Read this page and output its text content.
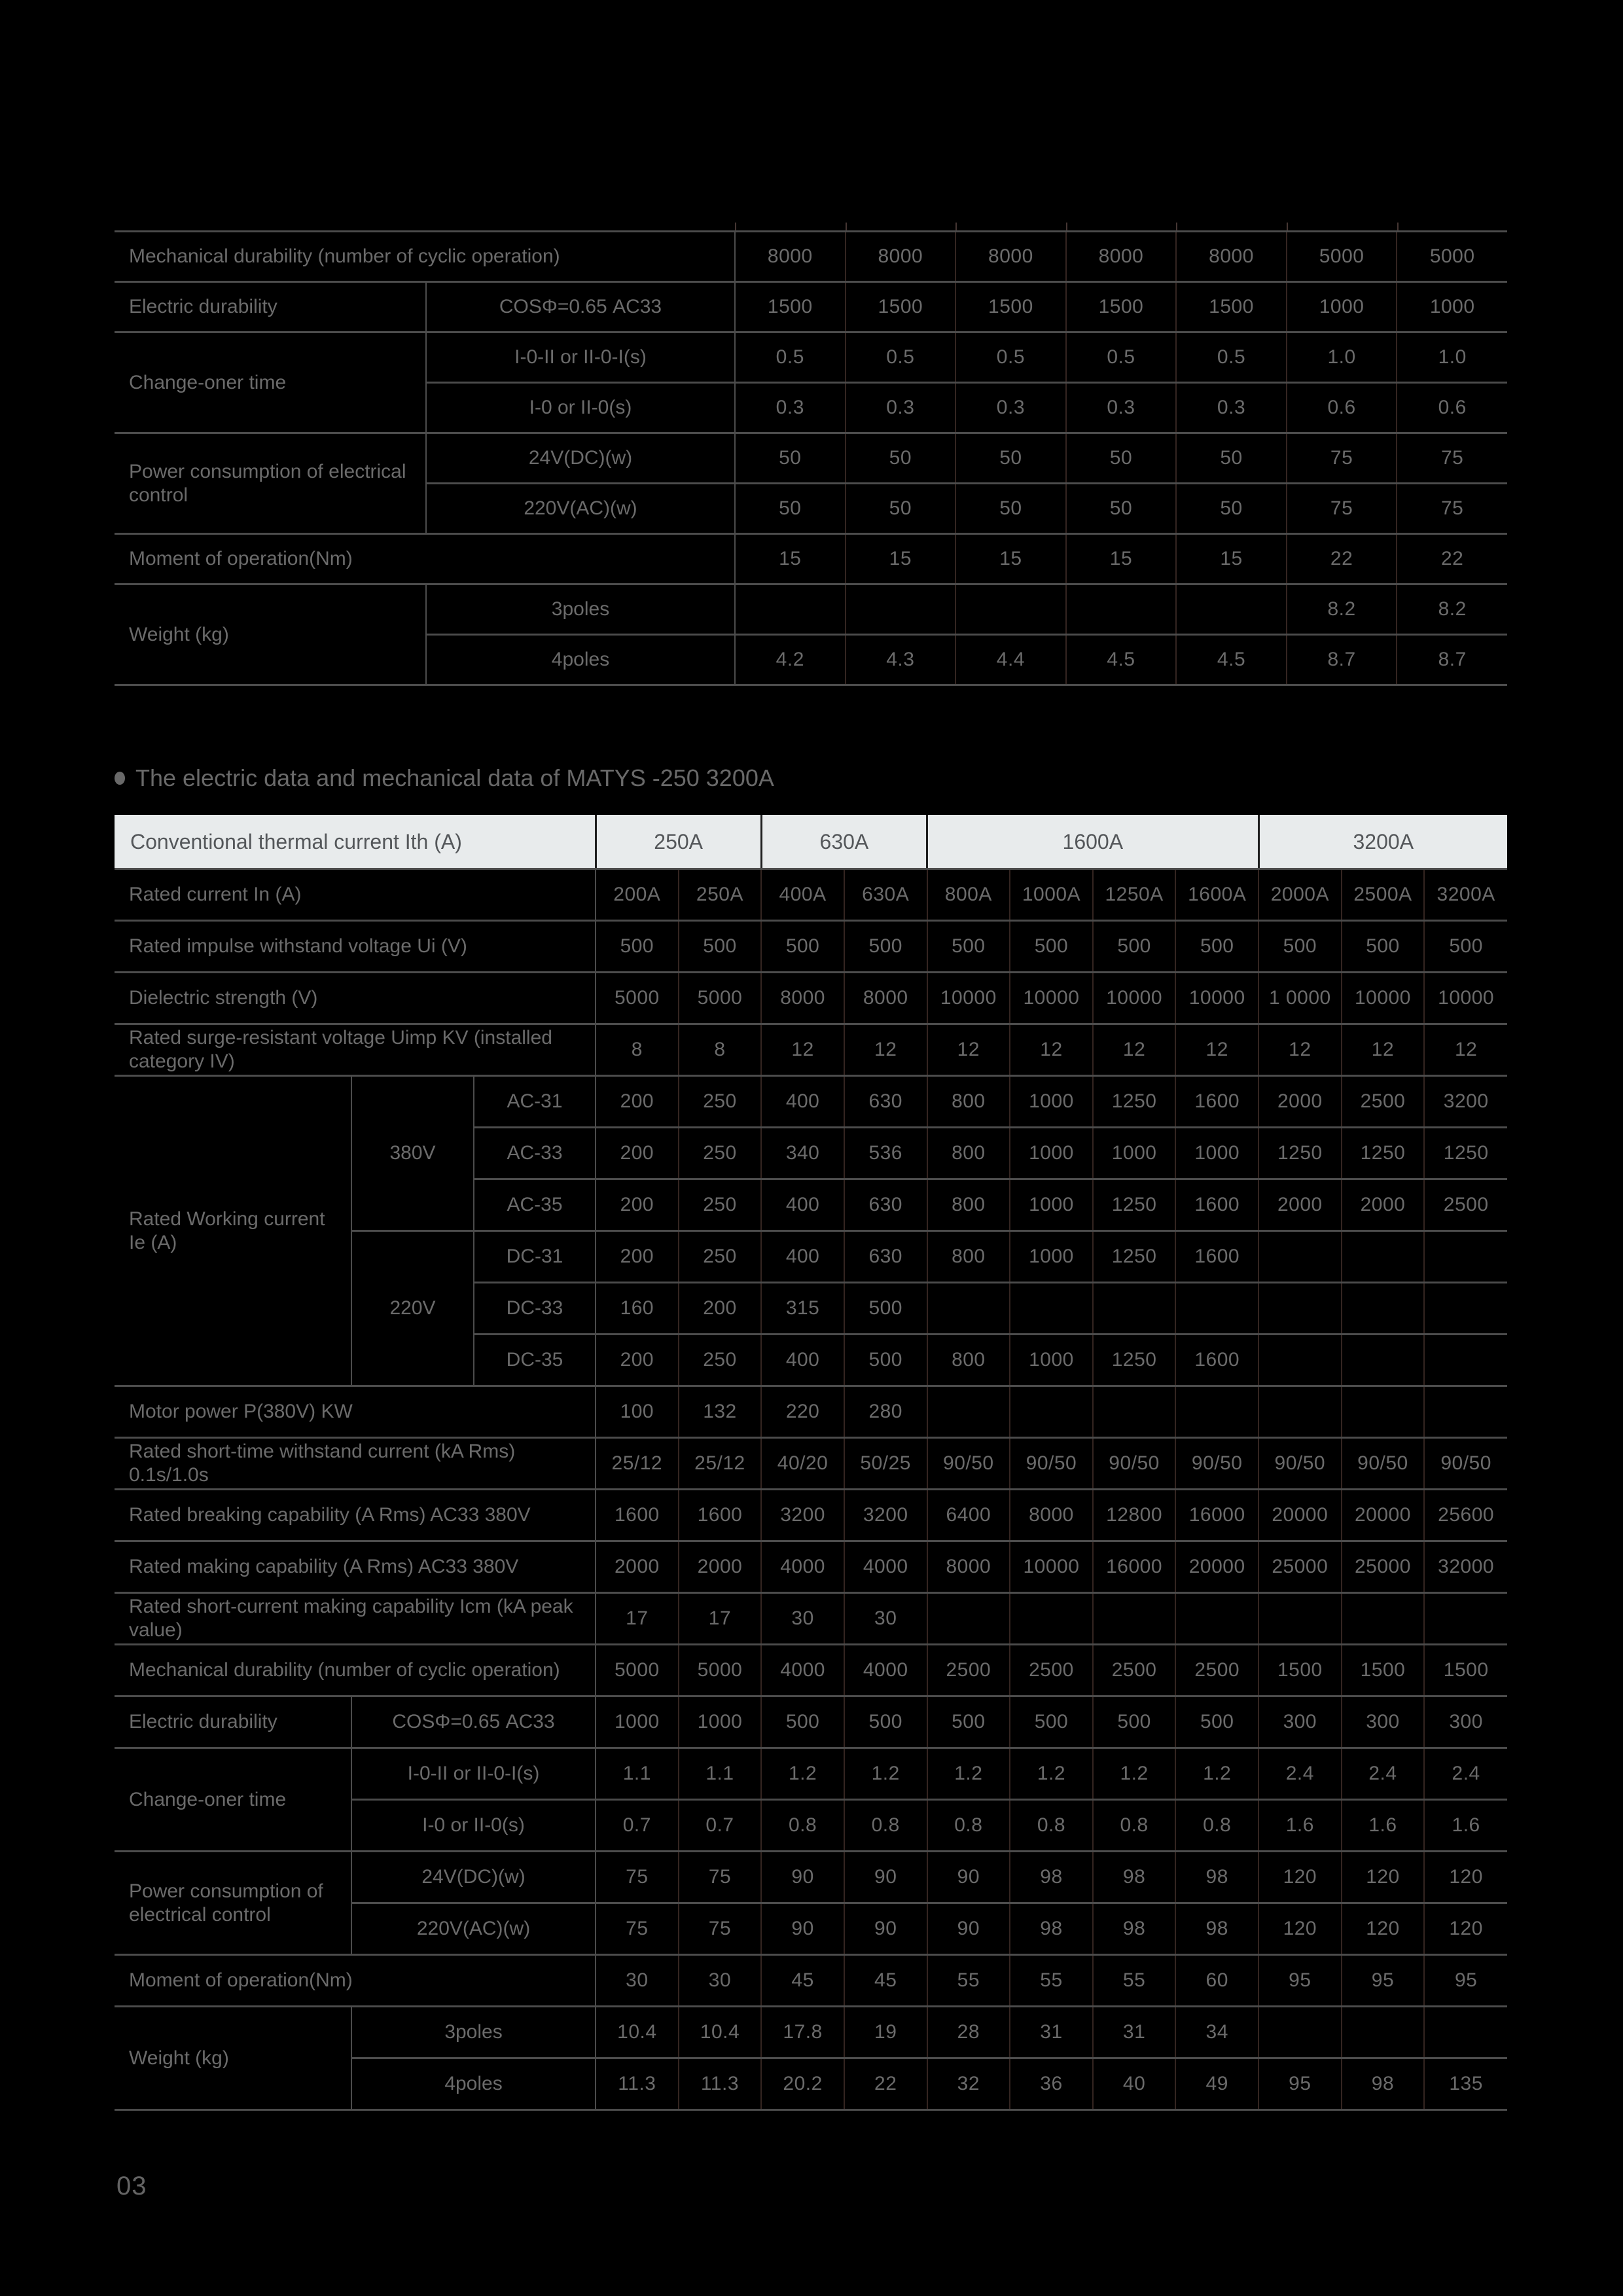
Mechanical durability (number of cyclic operation)		8000	8000	8000	8000	8000	5000	5000
Electric durability	COSΦ=0.65 AC33	1500	1500	1500	1500	1500	1000	1000
Change-oner time	I-0-II or II-0-I(s)	0.5	0.5	0.5	0.5	0.5	1.0	1.0
	I-0 or II-0(s)	0.3	0.3	0.3	0.3	0.3	0.6	0.6
Power consumption of electrical control	24V(DC)(w)	50	50	50	50	50	75	75
	220V(AC)(w)	50	50	50	50	50	75	75
Moment of operation(Nm)		15	15	15	15	15	22	22
Weight (kg)	3poles						8.2	8.2
	4poles	4.2	4.3	4.4	4.5	4.5	8.7	8.7
The electric data and mechanical data of MATYS -250 3200A
Conventional thermal current Ith (A)			250A		630A		1600A				3200A		
Rated current In (A)			200A	250A	400A	630A	800A	1000A	1250A	1600A	2000A	2500A	3200A
Rated impulse withstand voltage Ui (V)			500	500	500	500	500	500	500	500	500	500	500
Dielectric strength (V)			5000	5000	8000	8000	10000	10000	10000	10000	1 0000	10000	10000
Rated surge-resistant voltage Uimp KV (installed category IV)			8	8	12	12	12	12	12	12	12	12	12
Rated Working current Ie (A)	380V	AC-31	200	250	400	630	800	1000	1250	1600	2000	2500	3200
		AC-33	200	250	340	536	800	1000	1000	1000	1250	1250	1250
		AC-35	200	250	400	630	800	1000	1250	1600	2000	2000	2500
	220V	DC-31	200	250	400	630	800	1000	1250	1600			
		DC-33	160	200	315	500							
		DC-35	200	250	400	500	800	1000	1250	1600			
Motor power P(380V) KW			100	132	220	280							
Rated short-time withstand current (kA Rms) 0.1s/1.0s			25/12	25/12	40/20	50/25	90/50	90/50	90/50	90/50	90/50	90/50	90/50
Rated breaking capability (A Rms) AC33 380V			1600	1600	3200	3200	6400	8000	12800	16000	20000	20000	25600
Rated making capability (A Rms) AC33 380V			2000	2000	4000	4000	8000	10000	16000	20000	25000	25000	32000
Rated short-current making capability Icm (kA peak value)			17	17	30	30							
Mechanical durability (number of cyclic operation)			5000	5000	4000	4000	2500	2500	2500	2500	1500	1500	1500
Electric durability	COSΦ=0.65 AC33		1000	1000	500	500	500	500	500	500	300	300	300
Change-oner time	I-0-II or II-0-I(s)		1.1	1.1	1.2	1.2	1.2	1.2	1.2	1.2	2.4	2.4	2.4
	I-0 or II-0(s)		0.7	0.7	0.8	0.8	0.8	0.8	0.8	0.8	1.6	1.6	1.6
Power consumption of electrical control	24V(DC)(w)		75	75	90	90	90	98	98	98	120	120	120
	220V(AC)(w)		75	75	90	90	90	98	98	98	120	120	120
Moment of operation(Nm)			30	30	45	45	55	55	55	60	95	95	95
Weight (kg)	3poles		10.4	10.4	17.8	19	28	31	31	34			
	4poles		11.3	11.3	20.2	22	32	36	40	49	95	98	135
03
